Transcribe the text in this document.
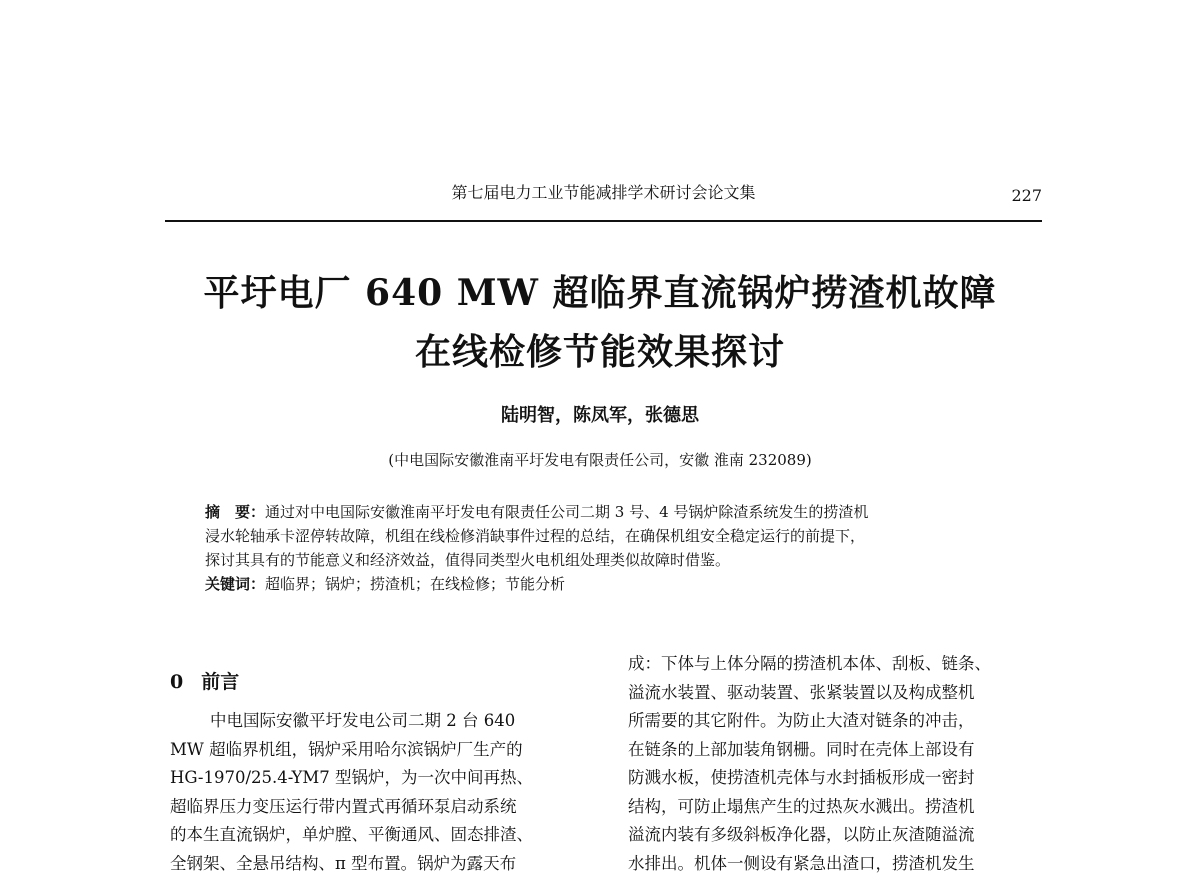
第七届电力工业节能减排学术研讨会论文集	227
平圩电厂 640 MW 超临界直流锅炉捞渣机故障
在线检修节能效果探讨
陆明智，陈凤军，张德思
(中电国际安徽淮南平圩发电有限责任公司，安徽 淮南 232089)
摘　要：通过对中电国际安徽淮南平圩发电有限责任公司二期 3 号、4 号锅炉除渣系统发生的捞渣机
浸水轮轴承卡涩停转故障，机组在线检修消缺事件过程的总结，在确保机组安全稳定运行的前提下，
探讨其具有的节能意义和经济效益，值得同类型火电机组处理类似故障时借鉴。
关键词：超临界；锅炉；捞渣机；在线检修；节能分析
0 前言
中电国际安徽平圩发电公司二期 2 台 640
MW 超临界机组，锅炉采用哈尔滨锅炉厂生产的
HG-1970/25.4-YM7 型锅炉，为一次中间再热、
超临界压力变压运行带内置式再循环泵启动系统
的本生直流锅炉，单炉膛、平衡通风、固态排渣、
全钢架、全悬吊结构、π 型布置。锅炉为露天布
成：下体与上体分隔的捞渣机本体、刮板、链条、
溢流水装置、驱动装置、张紧装置以及构成整机
所需要的其它附件。为防止大渣对链条的冲击，
在链条的上部加装角钢栅。同时在壳体上部设有
防溅水板，使捞渣机壳体与水封插板形成一密封
结构，可防止塌焦产生的过热灰水溅出。捞渣机
溢流内装有多级斜板净化器，以防止灰渣随溢流
水排出。机体一侧设有紧急出渣口，捞渣机发生
